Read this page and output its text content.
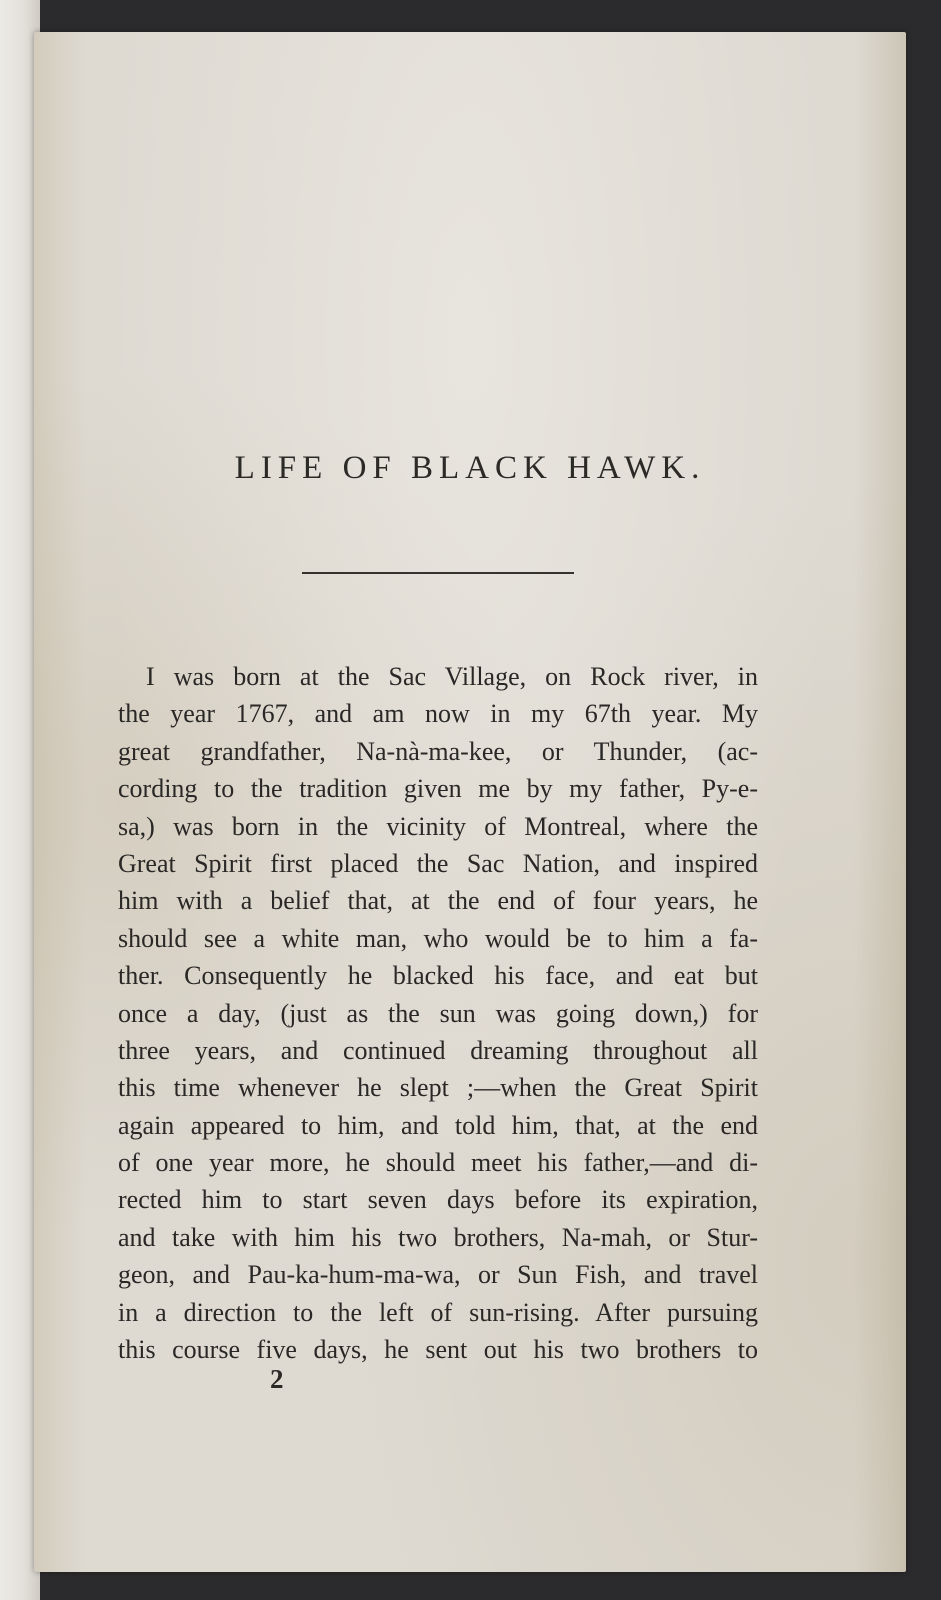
LIFE OF BLACK HAWK.
I was born at the Sac Village, on Rock river, in
the year 1767, and am now in my 67th year. My
great grandfather, Na-nà-ma-kee, or Thunder, (ac-
cording to the tradition given me by my father, Py-e-
sa,) was born in the vicinity of Montreal, where the
Great Spirit first placed the Sac Nation, and inspired
him with a belief that, at the end of four years, he
should see a white man, who would be to him a fa-
ther. Consequently he blacked his face, and eat but
once a day, (just as the sun was going down,) for
three years, and continued dreaming throughout all
this time whenever he slept ;—when the Great Spirit
again appeared to him, and told him, that, at the end
of one year more, he should meet his father,—and di-
rected him to start seven days before its expiration,
and take with him his two brothers, Na-mah, or Stur-
geon, and Pau-ka-hum-ma-wa, or Sun Fish, and travel
in a direction to the left of sun-rising. After pursuing
this course five days, he sent out his two brothers to
2
